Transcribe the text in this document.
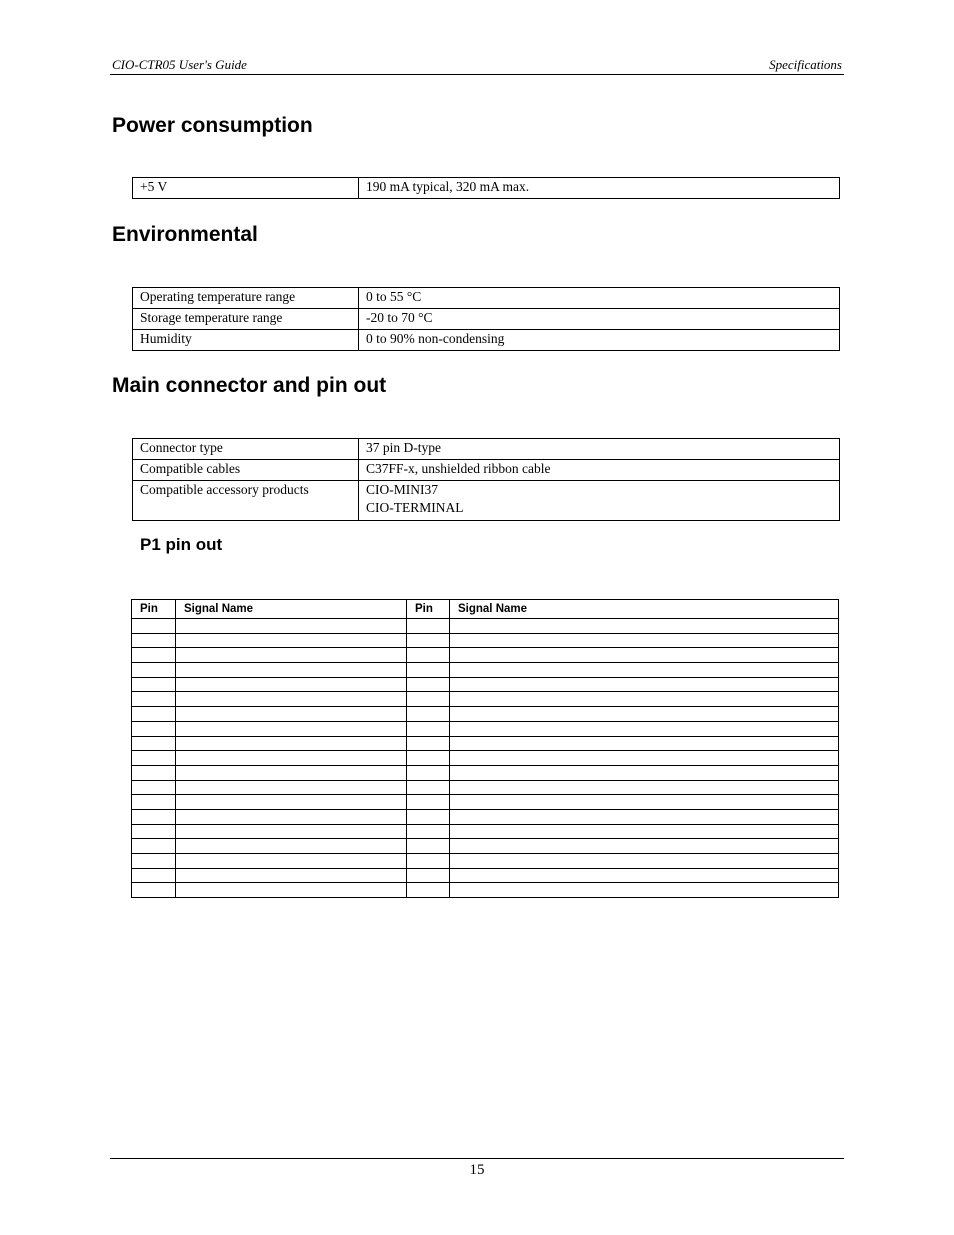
CIO-CTR05 User's Guide	Specifications
Power consumption
+5 V	190 mA typical, 320 mA max.
Environmental
Operating temperature range	0 to 55 °C
Storage temperature range	-20 to 70 °C
Humidity	0 to 90% non-condensing
Main connector and pin out
Connector type	37 pin D-type
Compatible cables	C37FF-x, unshielded ribbon cable
Compatible accessory products	CIO-MINI37
CIO-TERMINAL
P1 pin out
Pin	Signal Name	Pin	Signal Name

15
